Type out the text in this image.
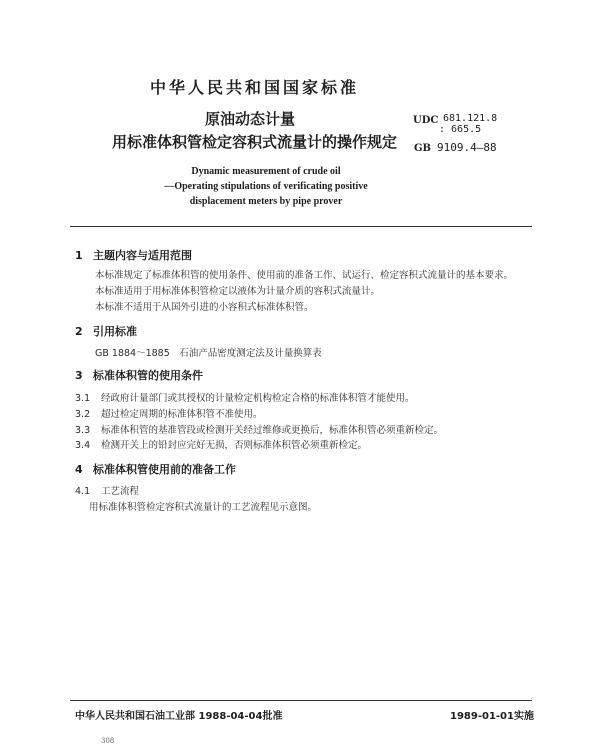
中华人民共和国国家标准
原油动态计量
用标准体积管检定容积式流量计的操作规定
UDC 681.121.8
: 665.5
GB 9109.4—88
Dynamic measurement of crude oil
—Operating stipulations of verificating positive
displacement meters by pipe prover
1 主题内容与适用范围
本标准规定了标准体积管的使用条件、使用前的准备工作、试运行、检定容积式流量计的基本要求。
本标准适用于用标准体积管检定以液体为计量介质的容积式流量计。
本标准不适用于从国外引进的小容积式标准体积管。
2 引用标准
GB 1884～1885　石油产品密度测定法及计量换算表
3 标准体积管的使用条件
3.1 经政府计量部门或其授权的计量检定机构检定合格的标准体积管才能使用。
3.2 超过检定周期的标准体积管不准使用。
3.3 标准体积管的基准管段或检测开关经过维修或更换后，标准体积管必须重新检定。
3.4 检测开关上的铅封应完好无损，否则标准体积管必须重新检定。
4 标准体积管使用前的准备工作
4.1 工艺流程
用标准体积管检定容积式流量计的工艺流程见示意图。
中华人民共和国石油工业部 1988-04-04批准	1989-01-01实施
308
